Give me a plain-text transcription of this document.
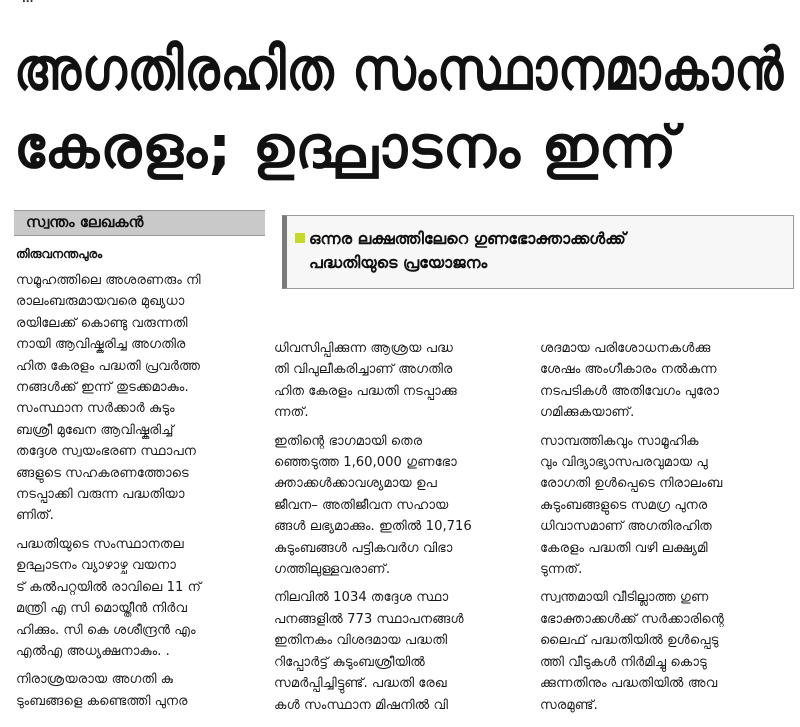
അഗതിരഹിത സംസ്ഥാനമാകാൻ
കേരളം; ഉദ്ഘാടനം ഇന്ന്
സ്വന്തം ലേഖകൻ
തിരുവനന്തപുരം
ഒന്നര ലക്ഷത്തിലേറെ ഗുണഭോക്താക്കൾക്ക്
പദ്ധതിയുടെ പ്രയോജനം

സമൂഹത്തിലെ അശരണരും നി
രാലംബരുമായവരെ മുഖ്യധാ
രയിലേക്ക് കൊണ്ടു വരുന്നതി
നായി ആവിഷ്കരിച്ച അഗതിര
ഹിത കേരളം പദ്ധതി പ്രവർത്ത
നങ്ങൾക്ക് ഇന്ന് തുടക്കമാകും.
സംസ്ഥാന സർക്കാർ കുടും
ബശ്രീ മുഖേന ആവിഷ്കരിച്ച്
തദ്ദേശ സ്വയംഭരണ സ്ഥാപന
ങ്ങളുടെ സഹകരണത്തോടെ
നടപ്പാക്കി വരുന്ന പദ്ധതിയാ
ണിത്.

പദ്ധതിയുടെ സംസ്ഥാനതല
ഉദ്ഘാടനം വ്യാഴാഴ്ച വയനാ
ട് കൽപറ്റയിൽ രാവിലെ 11 ന്
മന്ത്രി എ സി മൊയ്തീൻ നിർവ
ഹിക്കും. സി കെ ശശീന്ദ്രൻ എം
എൽഎ അധ്യക്ഷനാകും. .

നിരാശ്രയരായ അഗതി കു
ടുംബങ്ങളെ കണ്ടെത്തി പുനര

ധിവസിപ്പിക്കുന്ന ആശ്രയ പദ്ധ
തി വിപുലീകരിച്ചാണ് അഗതിര
ഹിത കേരളം പദ്ധതി നടപ്പാക്കു
ന്നത്.

ഇതിന്റെ ഭാഗമായി തെര
ഞ്ഞെടുത്ത 1,60,000 ഗുണഭോ
ക്താക്കൾക്കാവശ്യമായ ഉപ
ജീവന– അതിജീവന സഹായ
ങ്ങൾ ലഭ്യമാക്കും. ഇതിൽ 10,716
കുടുംബങ്ങൾ പട്ടികവർഗ വിഭാ
ഗത്തിലുള്ളവരാണ്.

നിലവിൽ 1034 തദ്ദേശ സ്ഥാ
പനങ്ങളിൽ 773 സ്ഥാപനങ്ങൾ
ഇതിനകം വിശദമായ പദ്ധതി
റിപ്പോർട്ട് കുടുംബശ്രീയിൽ
സമർപ്പിച്ചിട്ടുണ്ട്. പദ്ധതി രേഖ
കൾ സംസ്ഥാന മിഷനിൽ വി

ശദമായ പരിശോധനകൾക്കു
ശേഷം അംഗീകാരം നൽകുന്ന
നടപടികൾ അതിവേഗം പുരോ
ഗമിക്കുകയാണ്.

സാമ്പത്തികവും സാമൂഹിക
വും വിദ്യാഭ്യാസപരവുമായ പു
രോഗതി ഉൾപ്പെടെ നിരാലംബ
കുടുംബങ്ങളുടെ സമഗ്ര പുനര
ധിവാസമാണ് അഗതിരഹിത
കേരളം പദ്ധതി വഴി ലക്ഷ്യമി
ടുന്നത്.

സ്വന്തമായി വീടില്ലാത്ത ഗുണ
ഭോക്താക്കൾക്ക് സർക്കാരിന്റെ
ലൈഫ് പദ്ധതിയിൽ ഉൾപ്പെടു
ത്തി വീടുകൾ നിർമിച്ചു കൊടു
ക്കുന്നതിനും പദ്ധതിയിൽ അവ
സരമുണ്ട്.
